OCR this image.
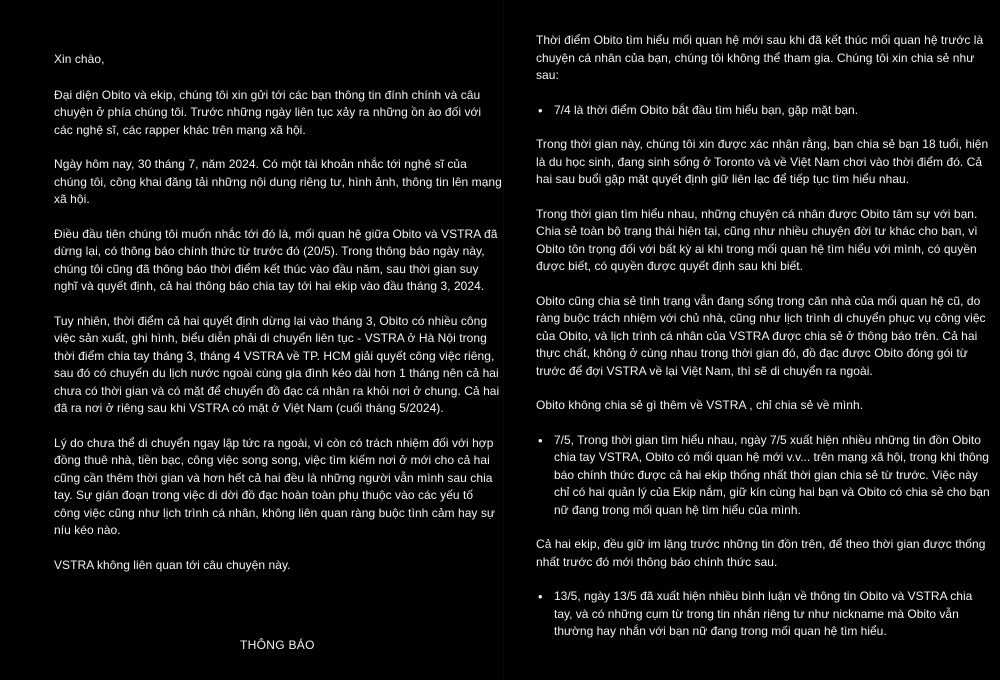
Xin chào,

Đại diện Obito và ekip, chúng tôi xin gửi tới các bạn thông tin đính chính và câu chuyện ở phía chúng tôi. Trước những ngày liên tục xảy ra những ồn ào đối với các nghệ sĩ, các rapper khác trên mạng xã hội.

Ngày hôm nay, 30 tháng 7, năm 2024. Có một tài khoản nhắc tới nghệ sĩ của chúng tôi, công khai đăng tải những nội dung riêng tư, hình ảnh, thông tin lên mạng xã hội.

Điều đầu tiên chúng tôi muốn nhắc tới đó là, mối quan hệ giữa Obito và VSTRA đã dừng lại, có thông báo chính thức từ trước đó (20/5). Trong thông báo ngày này, chúng tôi cũng đã thông báo thời điểm kết thúc vào đầu năm, sau thời gian suy nghĩ và quyết định, cả hai thông báo chia tay tới hai ekip vào đầu tháng 3, 2024.

Tuy nhiên, thời điểm cả hai quyết định dừng lại vào tháng 3, Obito có nhiều công việc sản xuất, ghi hình, biểu diễn phải di chuyển liên tục - VSTRA ở Hà Nội trong thời điểm chia tay tháng 3, tháng 4 VSTRA về TP. HCM giải quyết công việc riêng, sau đó có chuyến du lịch nước ngoài cùng gia đình kéo dài hơn 1 tháng nên cả hai chưa có thời gian và có mặt để chuyển đồ đạc cá nhân ra khỏi nơi ở chung. Cả hai đã ra nơi ở riêng sau khi VSTRA có mặt ở Việt Nam (cuối tháng 5/2024).

Lý do chưa thể di chuyển ngay lập tức ra ngoài, vì còn có trách nhiệm đối với hợp đồng thuê nhà, tiền bạc, công việc song song, việc tìm kiếm nơi ở mới cho cả hai cũng cần thêm thời gian và hơn hết cả hai đều là những người vẫn mình sau chia tay. Sự gián đoạn trong việc di dời đồ đạc hoàn toàn phụ thuộc vào các yếu tố công việc cũng như lịch trình cá nhân, không liên quan ràng buộc tình cảm hay sự níu kéo nào.

VSTRA không liên quan tới câu chuyện này.

THÔNG BÁO

Thời điểm Obito tìm hiểu mối quan hệ mới sau khi đã kết thúc mối quan hệ trước là chuyện cá nhân của bạn, chúng tôi không thể tham gia. Chúng tôi xin chia sẻ như sau:

• 7/4 là thời điểm Obito bắt đầu tìm hiểu bạn, gặp mặt bạn.

Trong thời gian này, chúng tôi xin được xác nhận rằng, bạn chia sẻ bạn 18 tuổi, hiện là du học sinh, đang sinh sống ở Toronto và về Việt Nam chơi vào thời điểm đó. Cả hai sau buổi gặp mặt quyết định giữ liên lạc để tiếp tục tìm hiểu nhau.

Trong thời gian tìm hiểu nhau, những chuyện cá nhân được Obito tâm sự với bạn. Chia sẻ toàn bộ trạng thái hiện tại, cũng như nhiều chuyện đời tư khác cho bạn, vì Obito tôn trọng đối với bất kỳ ai khi trong mối quan hệ tìm hiểu với mình, có quyền được biết, có quyền được quyết định sau khi biết.

Obito cũng chia sẻ tình trạng vẫn đang sống trong căn nhà của mối quan hệ cũ, do ràng buộc trách nhiệm với chủ nhà, cũng như lịch trình di chuyển phục vụ công việc của Obito, và lịch trình cá nhân của VSTRA được chia sẻ ở thông báo trên. Cả hai thực chất, không ở cùng nhau trong thời gian đó, đồ đạc được Obito đóng gói từ trước để đợi VSTRA về lại Việt Nam, thì sẽ di chuyển ra ngoài.

Obito không chia sẻ gì thêm về VSTRA , chỉ chia sẻ về mình.

• 7/5, Trong thời gian tìm hiểu nhau, ngày 7/5 xuất hiện nhiều những tin đồn Obito chia tay VSTRA, Obito có mối quan hệ mới v.v... trên mạng xã hội, trong khi thông báo chính thức được cả hai ekip thống nhất thời gian chia sẻ từ trước. Việc này chỉ có hai quản lý của Ekip nắm, giữ kín cùng hai bạn và Obito có chia sẻ cho bạn nữ đang trong mối quan hệ tìm hiểu của mình.

Cả hai ekip, đều giữ im lặng trước những tin đồn trên, để theo thời gian được thống nhất trước đó mới thông báo chính thức sau.

• 13/5, ngày 13/5 đã xuất hiện nhiều bình luận về thông tin Obito và VSTRA chia tay, và có những cụm từ trong tin nhắn riêng tư như nickname mà Obito vẫn thường hay nhắn với bạn nữ đang trong mối quan hệ tìm hiểu.
